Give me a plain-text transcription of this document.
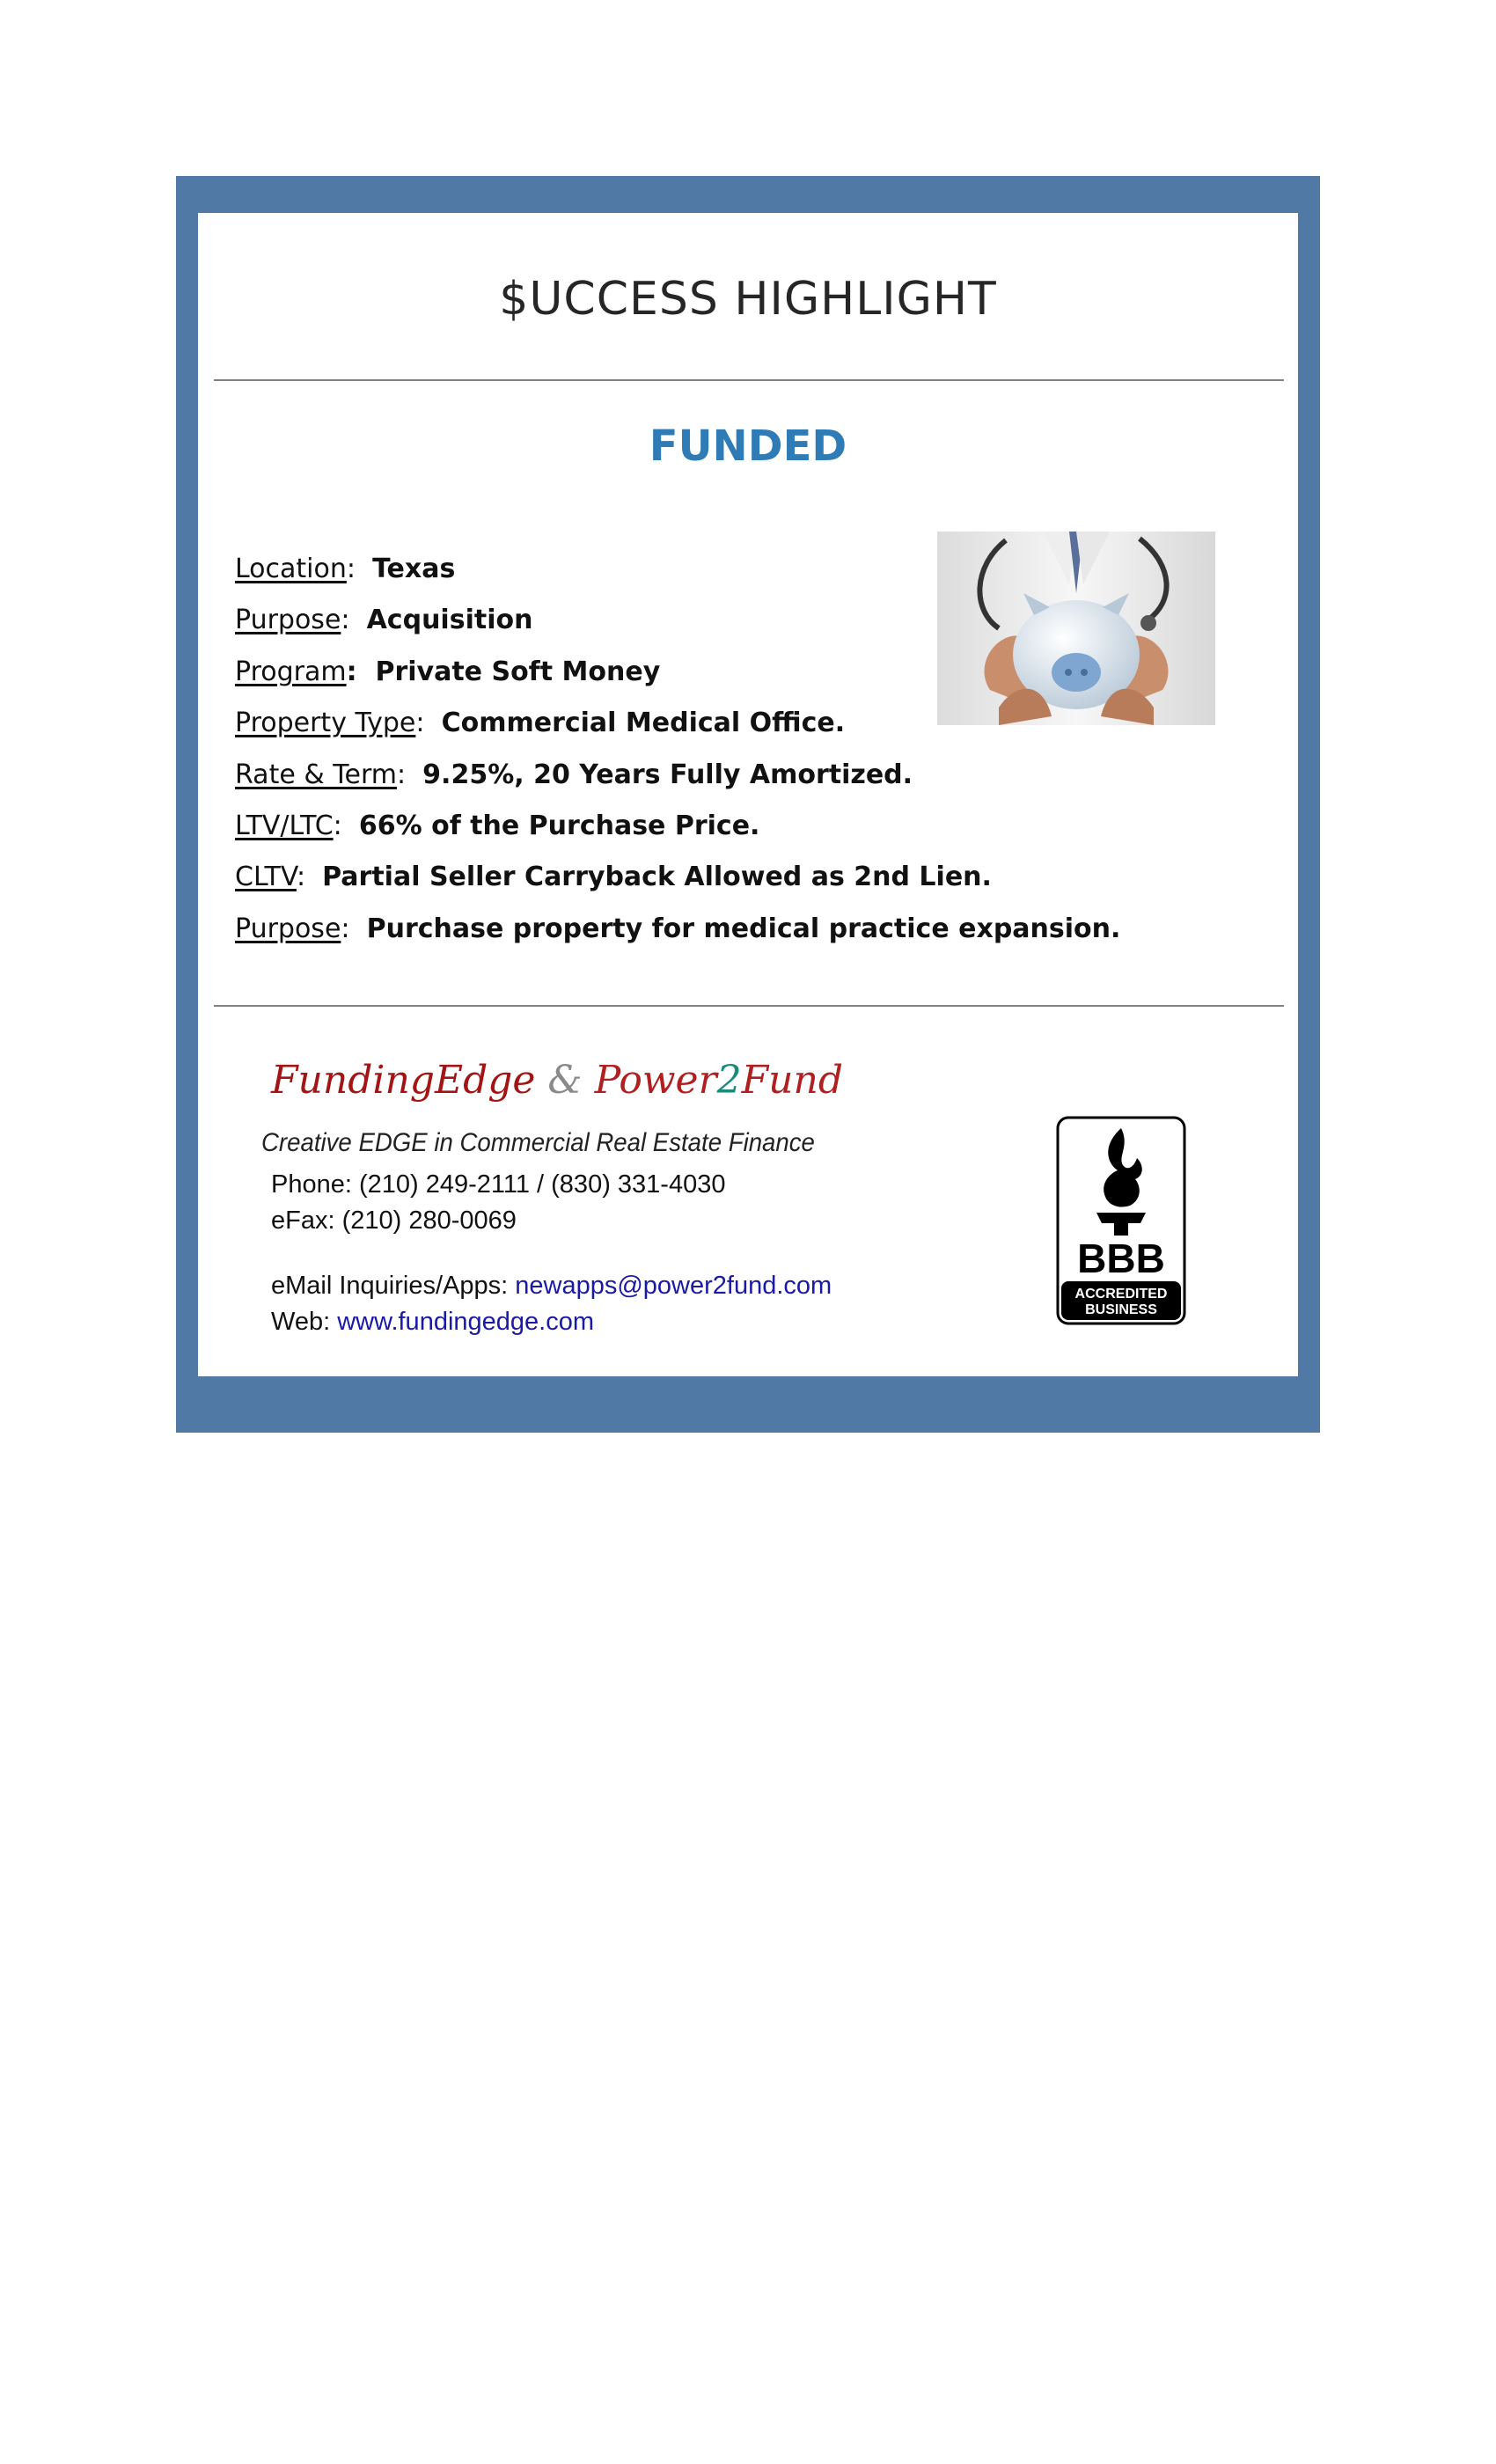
$UCCESS HIGHLIGHT
FUNDED
Location:  Texas
Purpose:  Acquisition
Program:  Private Soft Money
Property Type:  Commercial Medical Office.
Rate & Term:  9.25%, 20 Years Fully Amortized.
LTV/LTC:  66% of the Purchase Price.
CLTV:  Partial Seller Carryback Allowed as 2nd Lien.
Purpose:  Purchase property for medical practice expansion.
FundingEdge & Power2Fund
Creative EDGE in Commercial Real Estate Finance
Phone: (210) 249-2111 / (830) 331-4030
eFax: (210) 280-0069
eMail Inquiries/Apps: newapps@power2fund.com
Web: www.fundingedge.com
BBB
ACCREDITED
BUSINESS
